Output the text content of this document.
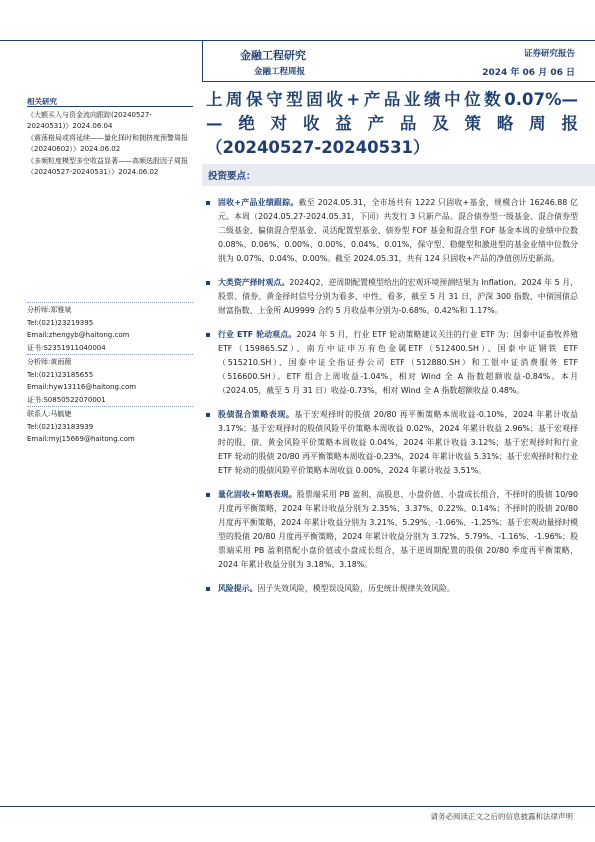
金融工程研究
金融工程周报
证券研究报告
2024 年 06 月 06 日
上周保守型固收+产品业绩中位数0.07%—
—绝对收益产品及策略周报
（20240527-20240531）
投资要点：
相关研究
《大额买入与资金流向跟踪(20240527-20240531)》2024.06.04
《震荡格局或将延续——量化择时和拥挤度预警周报（20240602）》2024.06.02
《多频粒度模型多空收益显著——高频选股因子周报（20240527-20240531）》2024.06.02
分析师:郑雅斌
Tel:(021)23219395
Email:zhengyb@haitong.com
证书:S2351911040004
分析师:黄雨薇
Tel:(021)23185655
Email:hyw13116@haitong.com
证书:S0850522070001
联系人:马毓婕
Tel:(021)23183939
Email:myj15669@haitong.com
固收+产品业绩跟踪。截至 2024.05.31，全市场共有 1222 只固收+基金，规模合计 16246.88 亿元。本周（2024.05.27-2024.05.31，下同）共发行 3 只新产品。混合债券型一级基金、混合债券型二级基金、偏债混合型基金、灵活配置型基金、债券型 FOF 基金和混合型 FOF 基金本周的业绩中位数 0.08%、0.06%、0.00%、0.00%、0.04%、0.01%，保守型、稳健型和激进型的基金业绩中位数分别为 0.07%、0.04%、0.00%。截至 2024.05.31，共有 124 只固收+产品的净值创历史新高。
大类资产择时观点。2024Q2，逆周期配置模型给出的宏观环境预测结果为 Inflation。2024 年 5 月，股票、债券、黄金择时信号分别为看多、中性、看多，截至 5 月 31 日，沪深 300 指数、中债国债总财富指数、上金所 AU9999 合约 5 月收益率分别为-0.68%、0.42%和 1.17%。
行业 ETF 轮动观点。2024 年 5 月，行业 ETF 轮动策略建议关注的行业 ETF 为：国泰中证畜牧养殖 ETF（159865.SZ）、南方中证申万有色金属ETF（512400.SH）、国泰中证钢铁 ETF（515210.SH）、国泰中证全指证券公司 ETF（512880.SH）和工银中证消费服务 ETF（516600.SH）。ETF 组合上周收益-1.04%，相对 Wind 全 A 指数超额收益-0.84%。本月（2024.05，截至 5 月 31 日）收益-0.73%，相对 Wind 全 A 指数超额收益 0.48%。
股债混合策略表现。基于宏观择时的股债 20/80 再平衡策略本周收益-0.10%，2024 年累计收益 3.17%；基于宏观择时的股债风险平价策略本周收益 0.02%，2024 年累计收益 2.96%；基于宏观择时的股、债、黄金风险平价策略本周收益 0.04%，2024 年累计收益 3.12%；基于宏观择时和行业 ETF 轮动的股债 20/80 再平衡策略本周收益-0.23%，2024 年累计收益 5.31%；基于宏观择时和行业 ETF 轮动的股债风险平价策略本周收益 0.00%，2024 年累计收益 3.51%。
量化固收+策略表现。股票端采用 PB 盈利、高股息、小盘价值、小盘成长组合，不择时的股债 10/90 月度再平衡策略，2024 年累计收益分别为 2.35%、3.37%、0.22%、0.14%；不择时的股债 20/80 月度再平衡策略，2024 年累计收益分别为 3.21%、5.29%、-1.06%、-1.25%；基于宏观动量择时模型的股债 20/80 月度再平衡策略，2024 年累计收益分别为 3.72%、5.79%、-1.16%、-1.96%；股票端采用 PB 盈利搭配小盘价值或小盘成长组合，基于逆周期配置的股债 20/80 季度再平衡策略，2024 年累计收益分别为 3.18%、3.18%。
风险提示。因子失效风险，模型误设风险，历史统计规律失效风险。
请务必阅读正文之后的信息披露和法律声明
